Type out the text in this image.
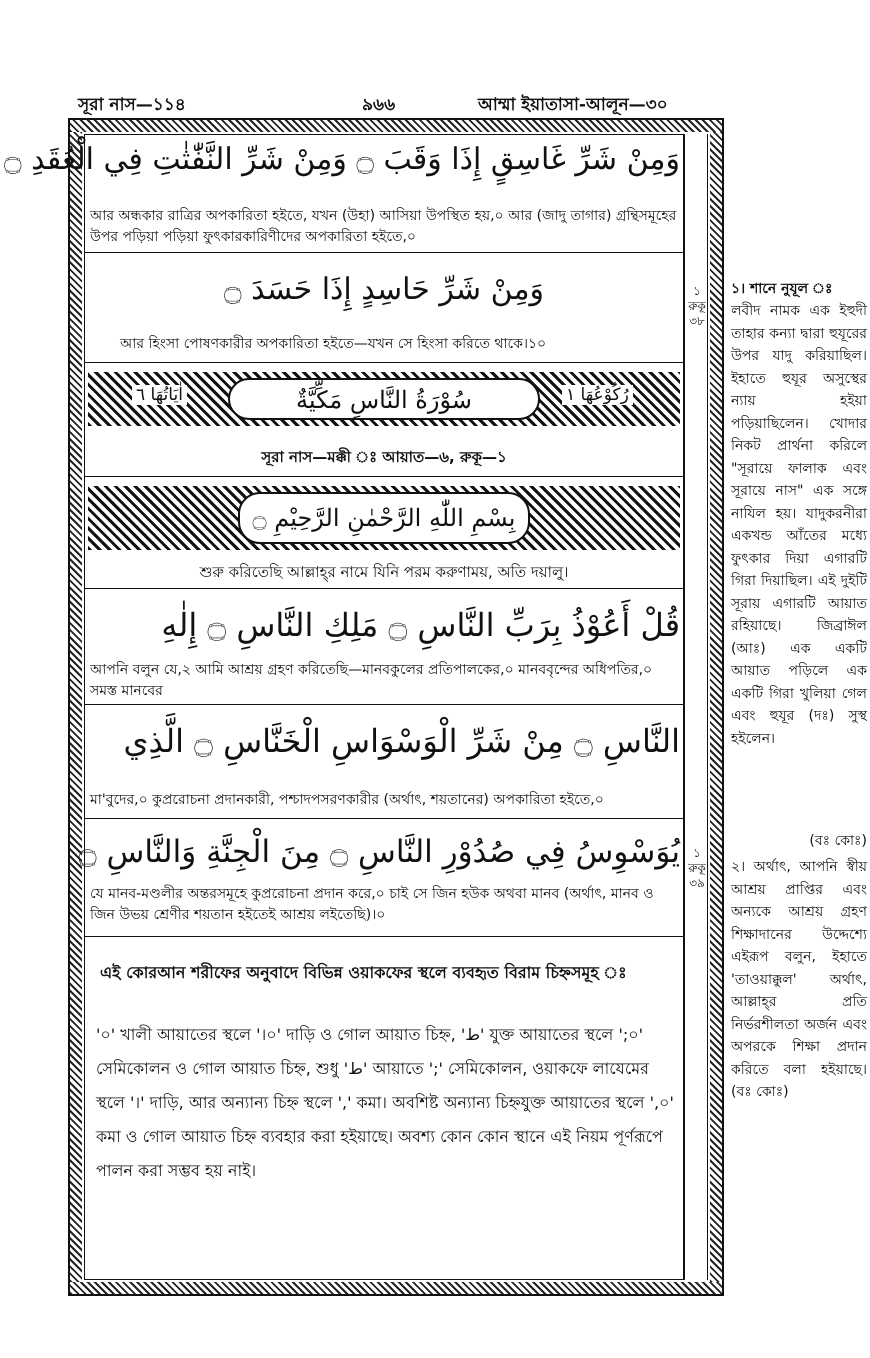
সূরা নাস—১১৪	৯৬৬	আম্মা ইয়াতাসা-আলূন—৩০
وَمِنْ شَرِّ غَاسِقٍ إِذَا وَقَبَ ۝ وَمِنْ شَرِّ النَّفّٰثٰتِ فِي الْعُقَدِ ۝
আর অন্ধকার রাত্রির অপকারিতা হইতে, যখন (উহা) আসিয়া উপস্থিত হয়,০ আর (জাদু তাগার) গ্রন্থিসমূহের উপর পড়িয়া পড়িয়া ফুৎকারকারিণীদের অপকারিতা হইতে,০
وَمِنْ شَرِّ حَاسِدٍ إِذَا حَسَدَ ۝
আর হিংসা পোষণকারীর অপকারিতা হইতে—যখন সে হিংসা করিতে থাকে।১০
سُوْرَةُ النَّاسِ مَكِّيَّةٌ
اٰيَاتُهَا ٦	رُكُوْعُهَا ١
সূরা নাস—মক্কী ঃ আয়াত—৬, রুকূ—১
بِسْمِ اللّٰهِ الرَّحْمٰنِ الرَّحِيْمِ ۝
শুরু করিতেছি আল্লাহ্‌র নামে যিনি পরম করুণাময়, অতি দয়ালু।
قُلْ أَعُوْذُ بِرَبِّ النَّاسِ ۝ مَلِكِ النَّاسِ ۝ إِلٰهِ
আপনি বলুন যে,২ আমি আশ্রয় গ্রহণ করিতেছি—মানবকুলের প্রতিপালকের,০ মানববৃন্দের অধিপতির,০ সমস্ত মানবের
النَّاسِ ۝ مِنْ شَرِّ الْوَسْوَاسِ الْخَنَّاسِ ۝ الَّذِي
মা'বুদের,০ কুপ্ররোচনা প্রদানকারী, পশ্চাদপসরণকারীর (অর্থাৎ, শয়তানের) অপকারিতা হইতে,০
يُوَسْوِسُ فِي صُدُوْرِ النَّاسِ ۝ مِنَ الْجِنَّةِ وَالنَّاسِ ۝
যে মানব-মণ্ডলীর অন্তরসমূহে কুপ্ররোচনা প্রদান করে,০ চাই সে জিন হউক অথবা মানব (অর্থাৎ, মানব ও জিন উভয় শ্রেণীর শয়তান হইতেই আশ্রয় লইতেছি)।০
১
রুকূ
৩৮
১
রুকূ
৩৯
এই কোরআন শরীফের অনুবাদে বিভিন্ন ওয়াকফের স্থলে ব্যবহৃত বিরাম চিহ্নসমূহ ঃ
'০' খালী আয়াতের স্থলে '।০' দাড়ি ও গোল আয়াত চিহ্ন, 'ط' যুক্ত আয়াতের স্থলে ';০' সেমিকোলন ও গোল আয়াত চিহ্ন, শুধু 'ط' আয়াতে ';' সেমিকোলন, ওয়াকফে লাযেমের স্থলে '।' দাড়ি, আর অন্যান্য চিহ্ন স্থলে ',' কমা। অবশিষ্ট অন্যান্য চিহ্নযুক্ত আয়াতের স্থলে ',০' কমা ও গোল আয়াত চিহ্ন ব্যবহার করা হইয়াছে। অবশ্য কোন কোন স্থানে এই নিয়ম পূর্ণরূপে পালন করা সম্ভব হয় নাই।
১। শানে নুযূল ঃ
লবীদ নামক এক ইহুদী তাহার কন্যা দ্বারা হুযূরের উপর যাদু করিয়াছিল। ইহাতে হুযূর অসুস্থের ন্যায় হইয়া পড়িয়াছিলেন। খোদার নিকট প্রার্থনা করিলে "সূরায়ে ফালাক এবং সূরায়ে নাস" এক সঙ্গে নাযিল হয়। যাদুকরনীরা একখন্ড আঁতের মধ্যে ফুৎকার দিয়া এগারটি গিরা দিয়াছিল। এই দুইটি সূরায় এগারটি আয়াত রহিয়াছে। জিব্রাঈল (আঃ) এক একটি আয়াত পড়িলে এক একটি গিরা খুলিয়া গেল এবং হুযূর (দঃ) সুস্থ হইলেন।
(বঃ কোঃ)
২। অর্থাৎ, আপনি স্বীয় আশ্রয় প্রাপ্তির এবং অন্যকে আশ্রয় গ্রহণ শিক্ষাদানের উদ্দেশ্যে এইরূপ বলুন, ইহাতে 'তাওয়াক্কুল' অর্থাৎ, আল্লাহ্‌র প্রতি নির্ভরশীলতা অর্জন এবং অপরকে শিক্ষা প্রদান করিতে বলা হইয়াছে। (বঃ কোঃ)
